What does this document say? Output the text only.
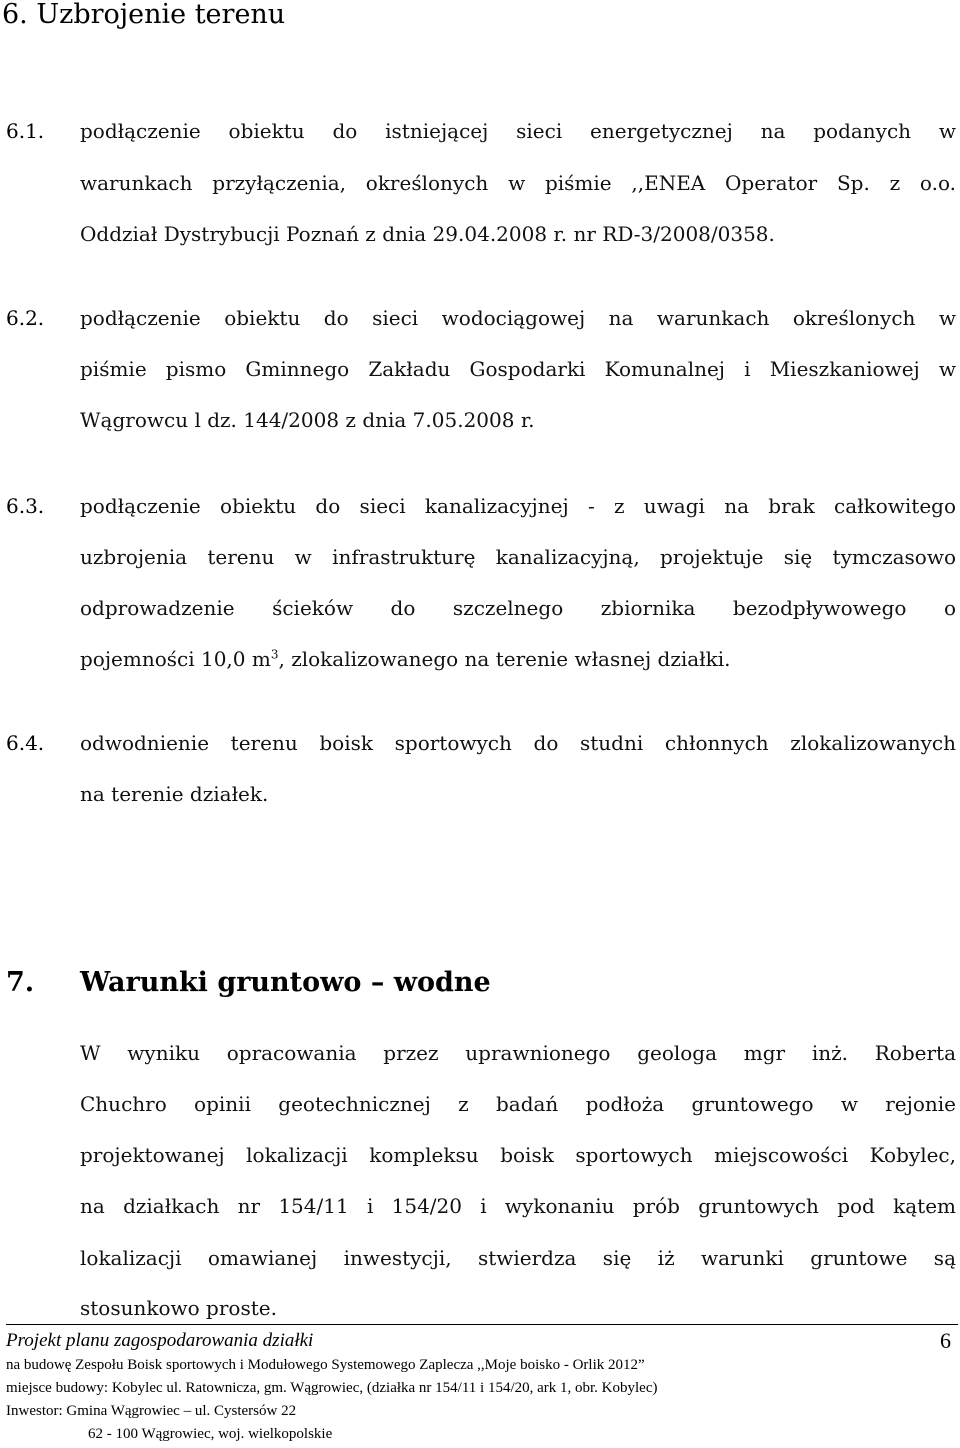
6. Uzbrojenie terenu
6.1. podłączenie obiektu do istniejącej sieci energetycznej na podanych w
warunkach przyłączenia, określonych w piśmie ,,ENEA Operator Sp. z o.o.
Oddział Dystrybucji Poznań z dnia 29.04.2008 r. nr RD-3/2008/0358.
6.2. podłączenie obiektu do sieci wodociągowej na warunkach określonych w
piśmie pismo Gminnego Zakładu Gospodarki Komunalnej i Mieszkaniowej w
Wągrowcu l dz. 144/2008 z dnia 7.05.2008 r.
6.3. podłączenie obiektu do sieci kanalizacyjnej - z uwagi na brak całkowitego
uzbrojenia terenu w infrastrukturę kanalizacyjną, projektuje się tymczasowo
odprowadzenie ścieków do szczelnego zbiornika bezodpływowego o
pojemności 10,0 $m^3$, zlokalizowanego na terenie własnej działki.
6.4. odwodnienie terenu boisk sportowych do studni chłonnych zlokalizowanych
na terenie działek.
7. Warunki gruntowo – wodne
W wyniku opracowania przez uprawnionego geologa mgr inż. Roberta
Chuchro opinii geotechnicznej z badań podłoża gruntowego w rejonie
projektowanej lokalizacji kompleksu boisk sportowych miejscowości Kobylec,
na działkach nr 154/11 i 154/20 i wykonaniu prób gruntowych pod kątem
lokalizacji omawianej inwestycji, stwierdza się iż warunki gruntowe są
stosunkowo proste.
Projekt planu zagospodarowania działki	6
na budowę Zespołu Boisk sportowych i Modułowego Systemowego Zaplecza ,,Moje boisko - Orlik 2012”
miejsce budowy: Kobylec ul. Ratownicza, gm. Wągrowiec, (działka nr 154/11 i 154/20, ark 1, obr. Kobylec)
Inwestor: Gmina Wągrowiec – ul. Cystersów 22
62 - 100 Wągrowiec, woj. wielkopolskie
